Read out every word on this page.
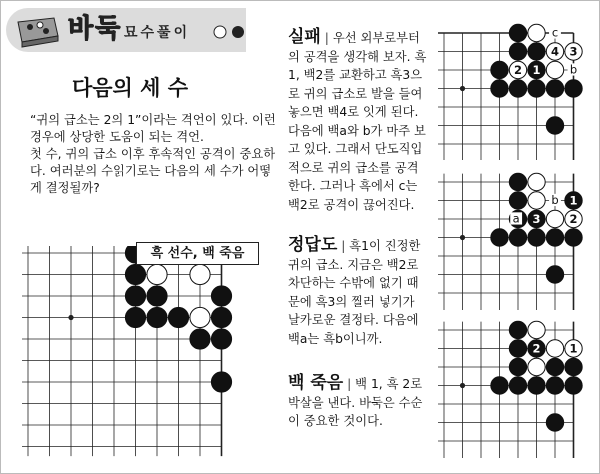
바둑 묘수풀이
다음의 세 수

“귀의 급소는 2의 1”이라는 격언이 있다. 이런 경우에 상당한 도움이 되는 격언.

첫 수, 귀의 급소 이후 후속적인 공격이 중요하다. 여러분의 수읽기로는 다음의 세 수가 어떻게 결정될까?

흑 선수, 백 죽음
실패 | 우선 외부로부터의 공격을 생각해 보자. 흑1, 백2를 교환하고 흑3으로 귀의 급소로 발을 들여 놓으면 백4로 잇게 된다. 다음에 백a와 b가 마주 보고 있다. 그래서 단도직입적으로 귀의 급소를 공격한다. 그러나 흑에서 c는 백2로 공격이 끊어진다.
정답도 | 흑1이 진정한 귀의 급소. 지금은 백2로 차단하는 수밖에 없기 때문에 흑3의 찔러 넣기가 날카로운 결정타. 다음에 백a는 흑b이니까.
백 죽음 | 백 1, 흑 2로 박살을 낸다. 바둑은 수순이 중요한 것이다.
4 3
2 1
c
b
1
3	2
b
a
2	1
